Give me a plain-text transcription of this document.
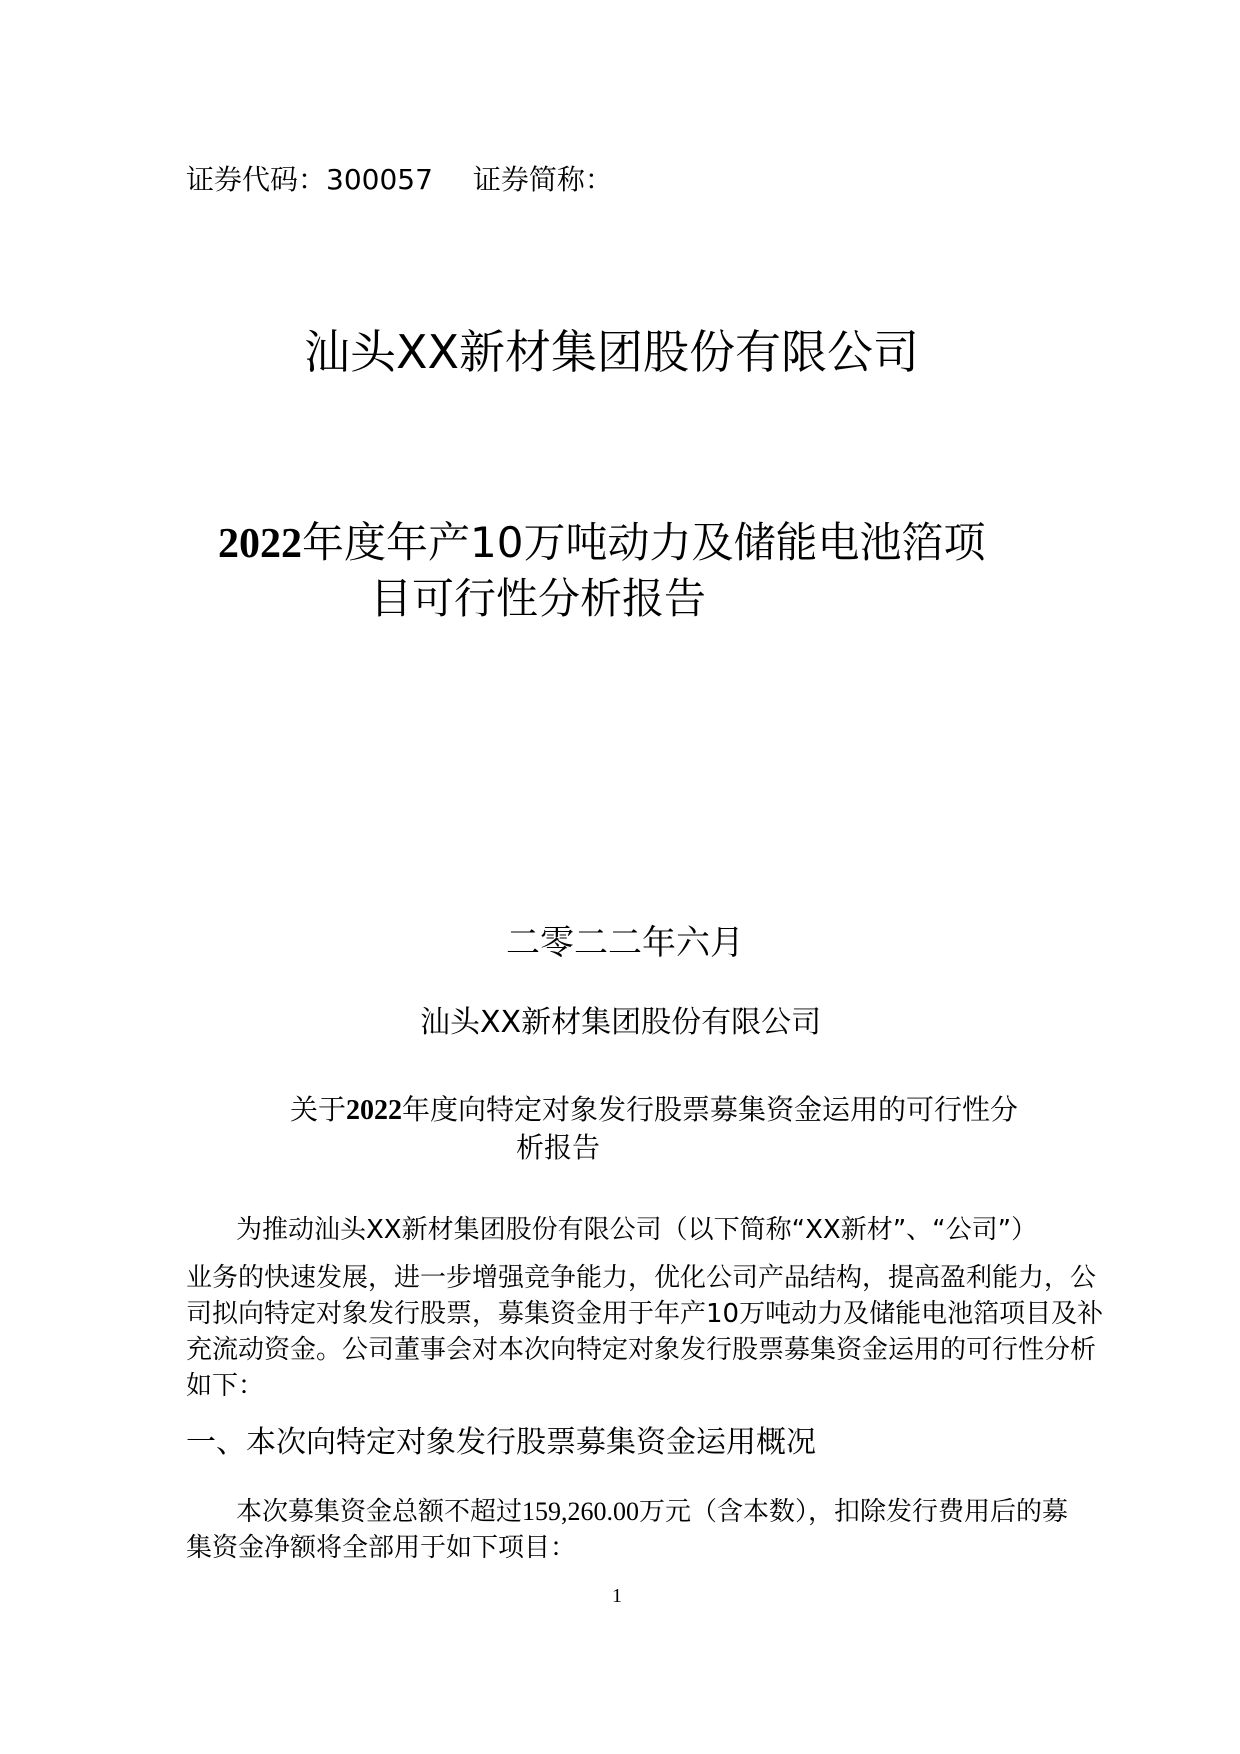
证券代码：300057 证券简称：
汕头XX新材集团股份有限公司
2022年度年产10万吨动力及储能电池箔项
目可行性分析报告
二零二二年六月
汕头XX新材集团股份有限公司
关于2022年度向特定对象发行股票募集资金运用的可行性分
析报告
为推动汕头XX新材集团股份有限公司（以下简称“XX新材”、“公司”）
业务的快速发展，进一步增强竞争能力，优化公司产品结构，提高盈利能力，公
司拟向特定对象发行股票，募集资金用于年产10万吨动力及储能电池箔项目及补
充流动资金。公司董事会对本次向特定对象发行股票募集资金运用的可行性分析
如下：
一、本次向特定对象发行股票募集资金运用概况
本次募集资金总额不超过159,260.00万元（含本数），扣除发行费用后的募
集资金净额将全部用于如下项目：
1
